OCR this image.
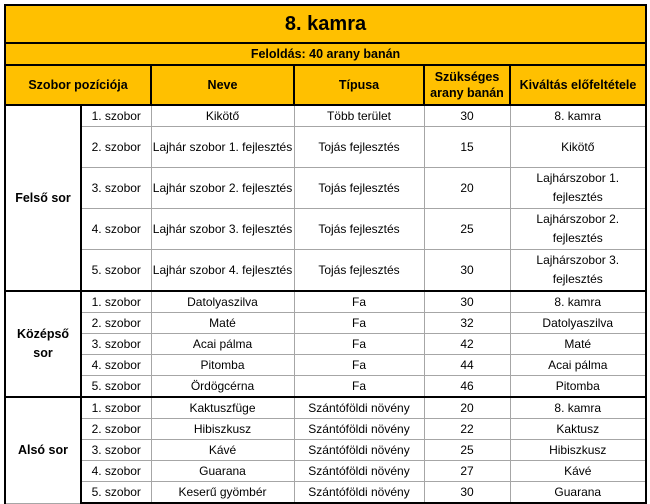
8. kamra					
Feloldás: 40 arany banán					
Szobor pozíciója		Neve	Típusa	Szükséges arany banán	Kiváltás előfeltétele
Felső sor	1. szobor	Kikötő	Több terület	30	8. kamra
	2. szobor	Lajhár szobor 1. fejlesztés	Tojás fejlesztés	15	Kikötő
	3. szobor	Lajhár szobor 2. fejlesztés	Tojás fejlesztés	20	Lajhárszobor 1. fejlesztés
	4. szobor	Lajhár szobor 3. fejlesztés	Tojás fejlesztés	25	Lajhárszobor 2. fejlesztés
	5. szobor	Lajhár szobor 4. fejlesztés	Tojás fejlesztés	30	Lajhárszobor 3. fejlesztés
Középső sor	1. szobor	Datolyaszilva	Fa	30	8. kamra
	2. szobor	Maté	Fa	32	Datolyaszilva
	3. szobor	Acai pálma	Fa	42	Maté
	4. szobor	Pitomba	Fa	44	Acai pálma
	5. szobor	Ördögcérna	Fa	46	Pitomba
Alsó sor	1. szobor	Kaktuszfüge	Szántóföldi növény	20	8. kamra
	2. szobor	Hibiszkusz	Szántóföldi növény	22	Kaktusz
	3. szobor	Kávé	Szántóföldi növény	25	Hibiszkusz
	4. szobor	Guarana	Szántóföldi növény	27	Kávé
	5. szobor	Keserű gyömbér	Szántóföldi növény	30	Guarana
